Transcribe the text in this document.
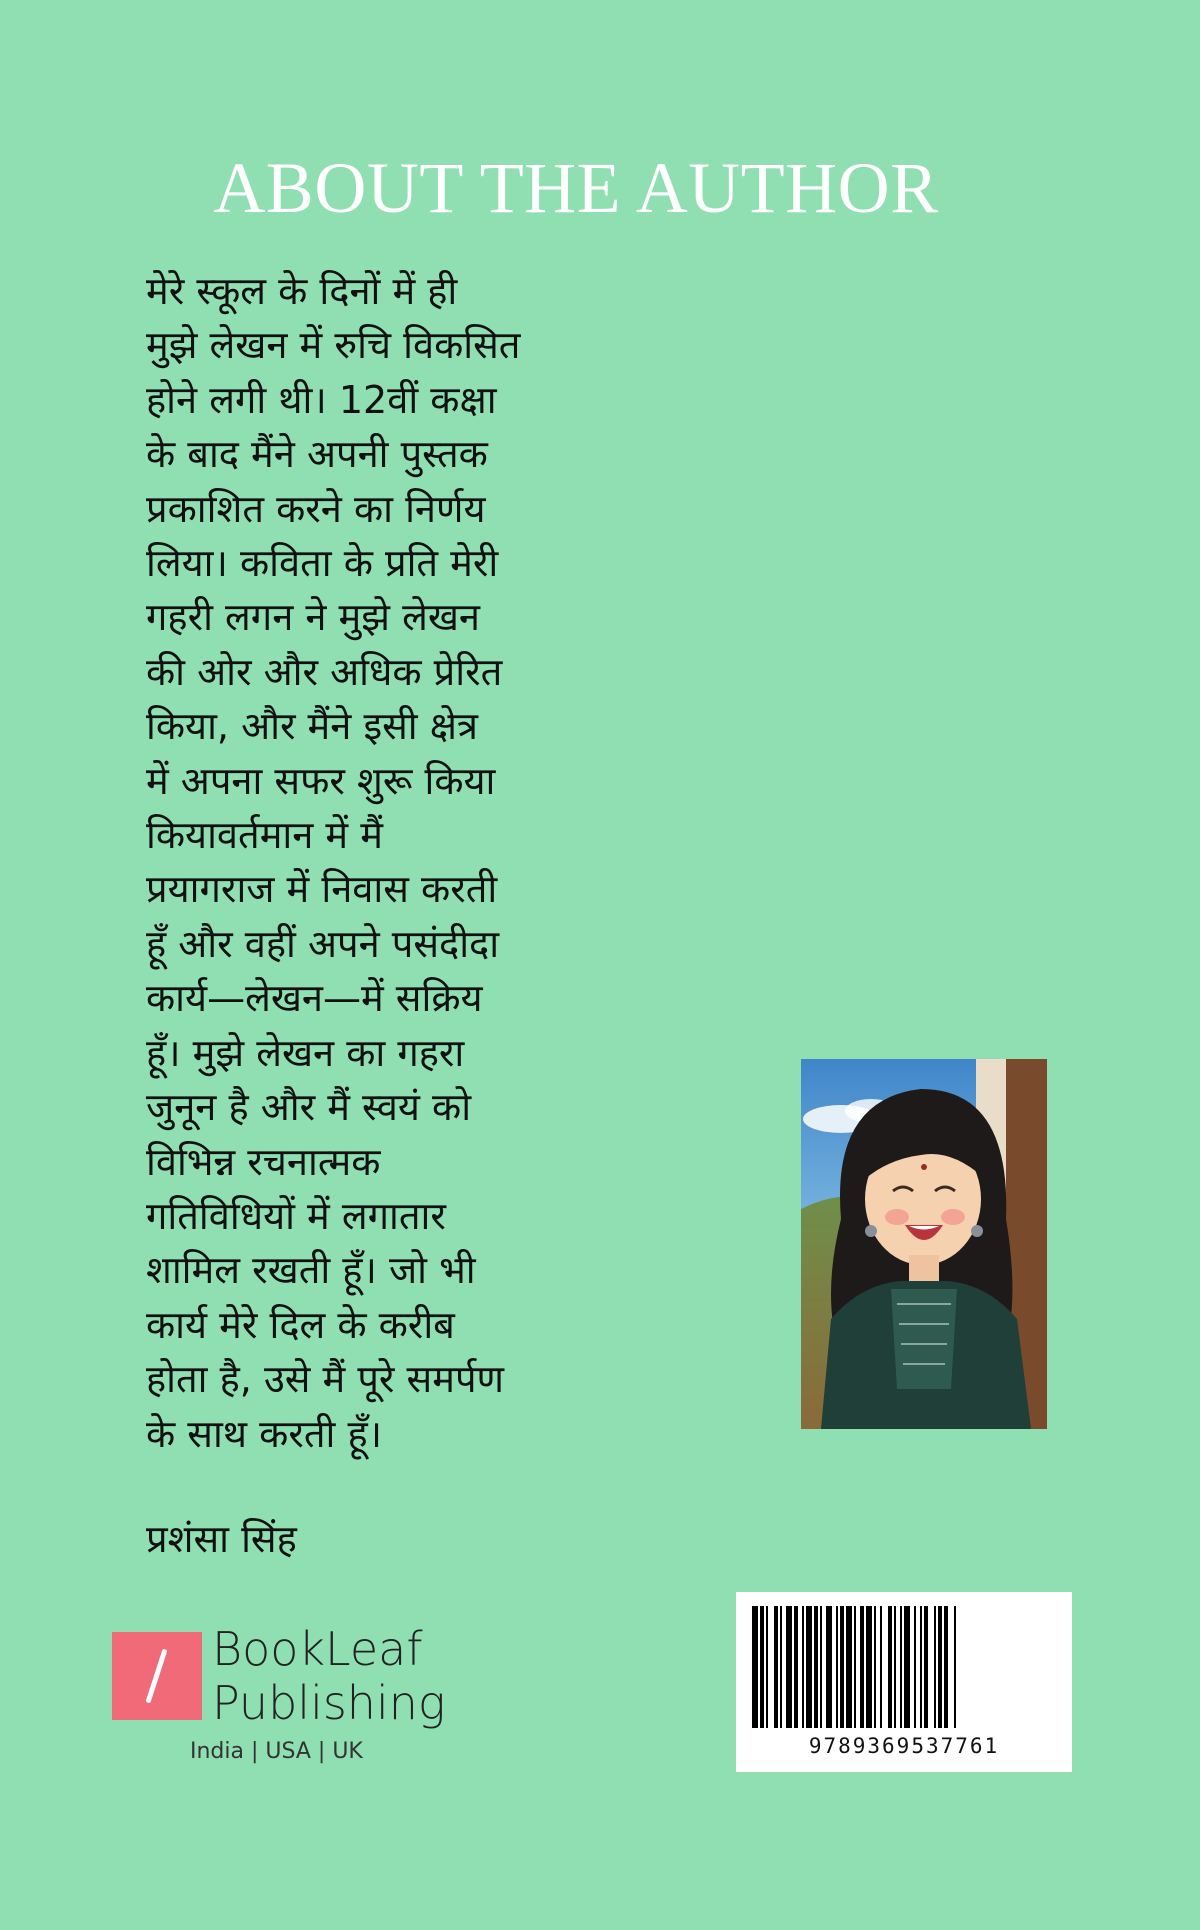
ABOUT THE AUTHOR
मेरे स्कूल के दिनों में ही
मुझे लेखन में रुचि विकसित
होने लगी थी। 12वीं कक्षा
के बाद मैंने अपनी पुस्तक
प्रकाशित करने का निर्णय
लिया। कविता के प्रति मेरी
गहरी लगन ने मुझे लेखन
की ओर और अधिक प्रेरित
किया, और मैंने इसी क्षेत्र
में अपना सफर शुरू किया
कियावर्तमान में मैं
प्रयागराज में निवास करती
हूँ और वहीं अपने पसंदीदा
कार्य—लेखन—में सक्रिय
हूँ। मुझे लेखन का गहरा
जुनून है और मैं स्वयं को
विभिन्न रचनात्मक
गतिविधियों में लगातार
शामिल रखती हूँ। जो भी
कार्य मेरे दिल के करीब
होता है, उसे मैं पूरे समर्पण
के साथ करती हूँ।
प्रशंसा सिंह
BookLeaf
Publishing
India | USA | UK	9789369537761
